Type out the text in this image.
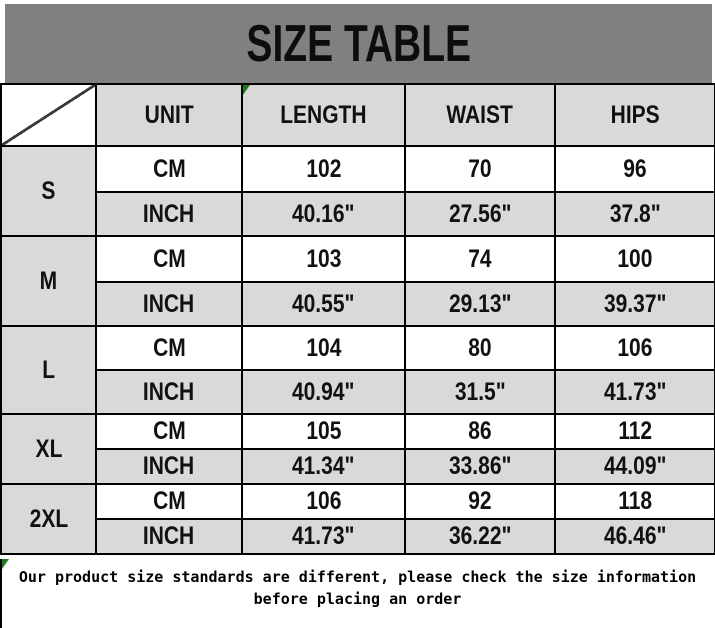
SIZE TABLE
	UNIT	LENGTH	WAIST	HIPS
S	CM	102	70	96
	INCH	40.16"	27.56"	37.8"
M	CM	103	74	100
	INCH	40.55"	29.13"	39.37"
L	CM	104	80	106
	INCH	40.94"	31.5"	41.73"
XL	CM	105	86	112
	INCH	41.34"	33.86"	44.09"
2XL	CM	106	92	118
	INCH	41.73"	36.22"	46.46"
Our product size standards are different, please check the size information
before placing an order
